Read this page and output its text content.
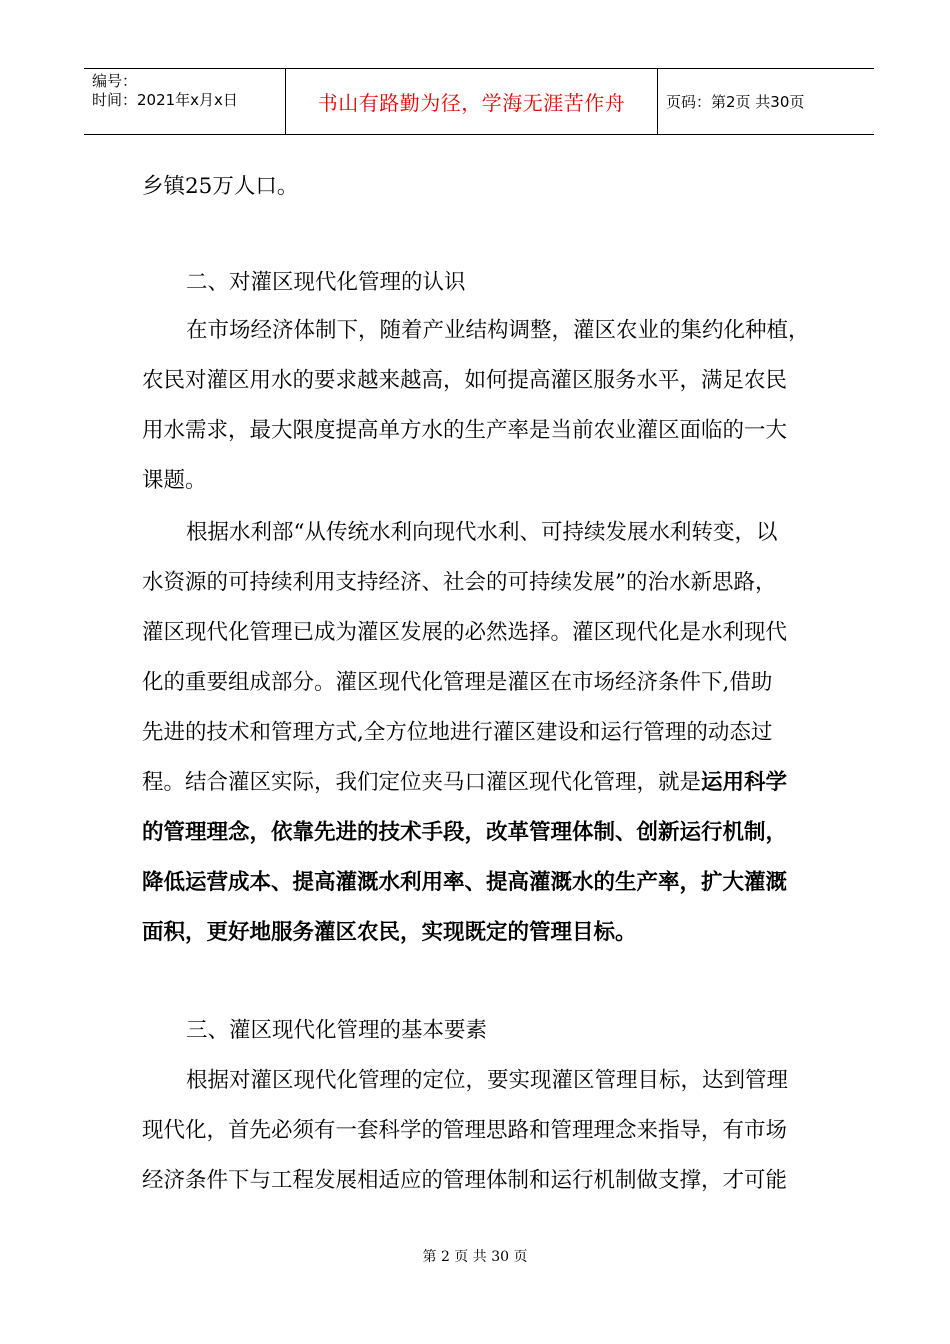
编号：
时间：2021年x月x日	书山有路勤为径，学海无涯苦作舟	页码：第2页 共30页
乡镇25万人口。
二、对灌区现代化管理的认识
在市场经济体制下，随着产业结构调整，灌区农业的集约化种植，
农民对灌区用水的要求越来越高，如何提高灌区服务水平，满足农民
用水需求，最大限度提高单方水的生产率是当前农业灌区面临的一大
课题。
根据水利部“从传统水利向现代水利、可持续发展水利转变，以
水资源的可持续利用支持经济、社会的可持续发展”的治水新思路，
灌区现代化管理已成为灌区发展的必然选择。灌区现代化是水利现代
化的重要组成部分。灌区现代化管理是灌区在市场经济条件下,借助
先进的技术和管理方式,全方位地进行灌区建设和运行管理的动态过
程。结合灌区实际，我们定位夹马口灌区现代化管理，就是运用科学
的管理理念，依靠先进的技术手段，改革管理体制、创新运行机制，
降低运营成本、提高灌溉水利用率、提高灌溉水的生产率，扩大灌溉
面积，更好地服务灌区农民，实现既定的管理目标。
三、灌区现代化管理的基本要素
根据对灌区现代化管理的定位，要实现灌区管理目标，达到管理
现代化，首先必须有一套科学的管理思路和管理理念来指导，有市场
经济条件下与工程发展相适应的管理体制和运行机制做支撑，才可能
第 2 页 共 30 页
